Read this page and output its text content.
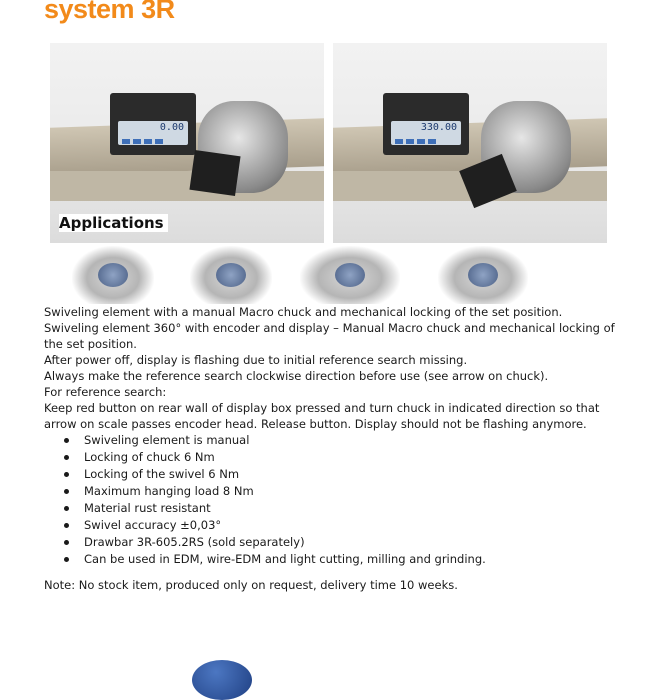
system 3R
0.00	330.00
Applications

Swiveling element with a manual Macro chuck and mechanical locking of the set position.

Swiveling element 360° with encoder and display – Manual Macro chuck and mechanical locking of the set position.

After power off, display is flashing due to initial reference search missing.

Always make the reference search clockwise direction before use (see arrow on chuck).

For reference search:

Keep red button on rear wall of display box pressed and turn chuck in indicated direction so that arrow on scale passes encoder head. Release button. Display should not be flashing anymore.

Swiveling element is manual
Locking of chuck 6 Nm
Locking of the swivel 6 Nm
Maximum hanging load 8 Nm
Material rust resistant
Swivel accuracy ±0,03°
Drawbar 3R-605.2RS (sold separately)
Can be used in EDM, wire-EDM and light cutting, milling and grinding.

Note: No stock item, produced only on request, delivery time 10 weeks.
